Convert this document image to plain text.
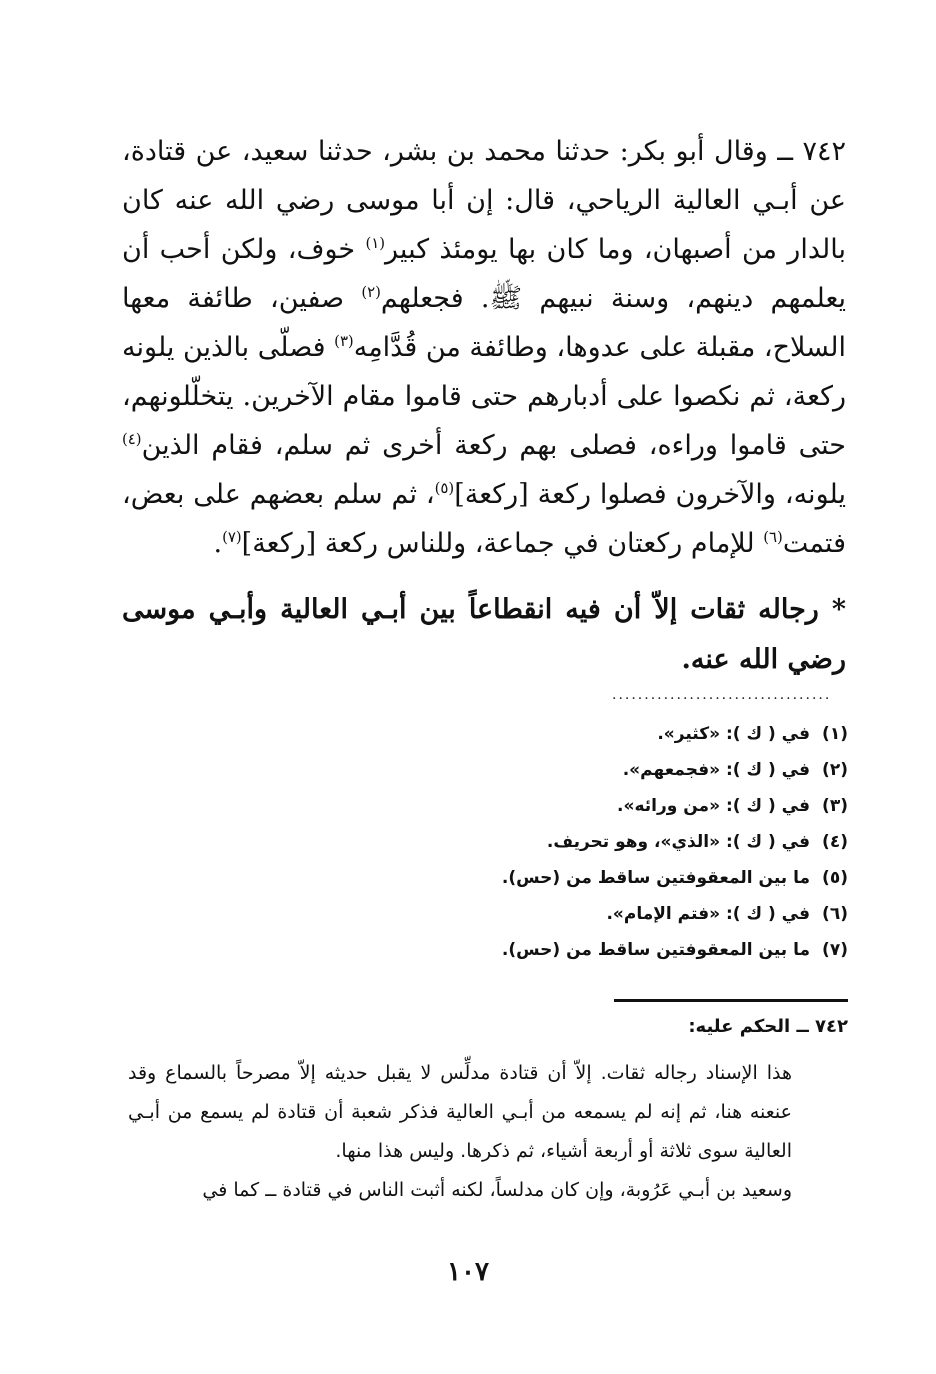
٧٤٢ ــ وقال أبو بكر: حدثنا محمد بن بشر، حدثنا سعيد، عن قتادة، عن أبـي العالية الرياحي، قال: إن أبا موسى رضي الله عنه كان بالدار من أصبهان، وما كان بها يومئذ كبير$^{(١)}$ خوف، ولكن أحب أن يعلمهم دينهم، وسنة نبيهم ﷺ. فجعلهم$^{(٢)}$ صفين، طائفة معها السلاح، مقبلة على عدوها، وطائفة من قُدَّامِه$^{(٣)}$ فصلّى بالذين يلونه ركعة، ثم نكصوا على أدبارهم حتى قاموا مقام الآخرين. يتخلّلونهم، حتى قاموا وراءه، فصلى بهم ركعة أخرى ثم سلم، فقام الذين$^{(٤)}$ يلونه، والآخرون فصلوا ركعة [ركعة]$^{(٥)}$، ثم سلم بعضهم على بعض، فتمت$^{(٦)}$ للإمام ركعتان في جماعة، وللناس ركعة [ركعة]$^{(٧)}$.
* رجاله ثقات إلاّ أن فيه انقطاعاً بين أبـي العالية وأبـي موسى رضي الله عنه.
..................................
(١)في ( ك ): «كثير».
(٢)في ( ك ): «فجمعهم».
(٣)في ( ك ): «من ورائه».
(٤)في ( ك ): «الذي»، وهو تحريف.
(٥)ما بين المعقوفتين ساقط من (حس).
(٦)في ( ك ): «فتم الإمام».
(٧)ما بين المعقوفتين ساقط من (حس).
٧٤٢ ــ الحكم عليه:

هذا الإسناد رجاله ثقات. إلاّ أن قتادة مدلِّس لا يقبل حديثه إلاّ مصرحاً بالسماع وقد عنعنه هنا، ثم إنه لم يسمعه من أبـي العالية فذكر شعبة أن قتادة لم يسمع من أبـي العالية سوى ثلاثة أو أربعة أشياء، ثم ذكرها. وليس هذا منها.

وسعيد بن أبـي عَرُوبة، وإن كان مدلساً، لكنه أثبت الناس في قتادة ــ كما في

١٠٧
